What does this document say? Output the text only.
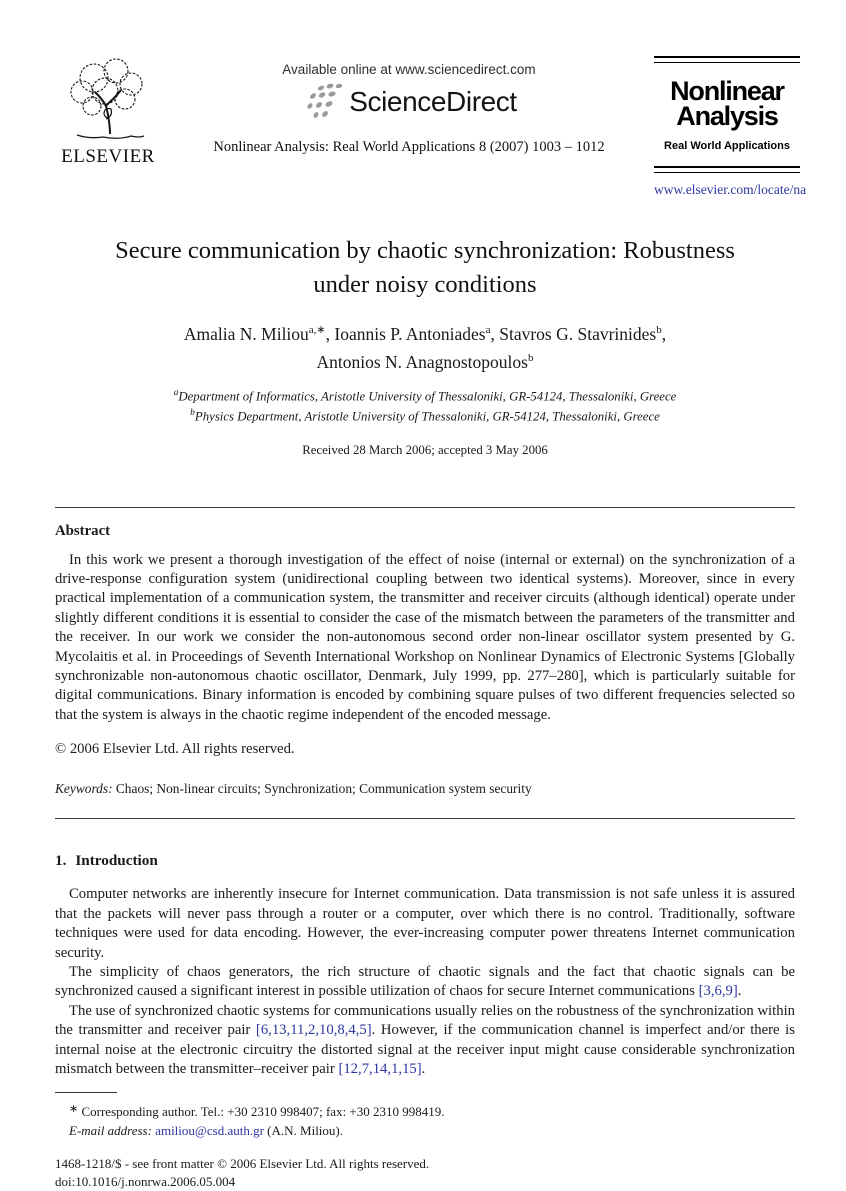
ELSEVIER
Available online at www.sciencedirect.com
ScienceDirect
Nonlinear Analysis: Real World Applications 8 (2007) 1003 – 1012
Nonlinear
Analysis
Real World Applications
www.elsevier.com/locate/na
Secure communication by chaotic synchronization: Robustness
under noisy conditions
Amalia N. Miliou$^{a,∗}$, Ioannis P. Antoniades$^a$, Stavros G. Stavrinides$^b$,
Antonios N. Anagnostopoulos$^b$
$^a$Department of Informatics, Aristotle University of Thessaloniki, GR-54124, Thessaloniki, Greece
$^b$Physics Department, Aristotle University of Thessaloniki, GR-54124, Thessaloniki, Greece
Received 28 March 2006; accepted 3 May 2006
Abstract

In this work we present a thorough investigation of the effect of noise (internal or external) on the synchronization of a drive-response configuration system (unidirectional coupling between two identical systems). Moreover, since in every practical implementation of a communication system, the transmitter and receiver circuits (although identical) operate under slightly different conditions it is essential to consider the case of the mismatch between the parameters of the transmitter and the receiver. In our work we consider the non-autonomous second order non-linear oscillator system presented by G. Mycolaitis et al. in Proceedings of Seventh International Workshop on Nonlinear Dynamics of Electronic Systems [Globally synchronizable non-autonomous chaotic oscillator, Denmark, July 1999, pp. 277–280], which is particularly suitable for digital communications. Binary information is encoded by combining square pulses of two different frequencies selected so that the system is always in the chaotic regime independent of the encoded message.

© 2006 Elsevier Ltd. All rights reserved.
Keywords: Chaos; Non-linear circuits; Synchronization; Communication system security
1. Introduction

Computer networks are inherently insecure for Internet communication. Data transmission is not safe unless it is assured that the packets will never pass through a router or a computer, over which there is no control. Traditionally, software techniques were used for data encoding. However, the ever-increasing computer power threatens Internet communication security.

The simplicity of chaos generators, the rich structure of chaotic signals and the fact that chaotic signals can be synchronized caused a significant interest in possible utilization of chaos for secure Internet communications [3,6,9].

The use of synchronized chaotic systems for communications usually relies on the robustness of the synchronization within the transmitter and receiver pair [6,13,11,2,10,8,4,5]. However, if the communication channel is imperfect and/or there is internal noise at the electronic circuitry the distorted signal at the receiver input might cause considerable synchronization mismatch between the transmitter–receiver pair [12,7,14,1,15].

∗ Corresponding author. Tel.: +30 2310 998407; fax: +30 2310 998419.
E-mail address: amiliou@csd.auth.gr (A.N. Miliou).
1468-1218/$ - see front matter © 2006 Elsevier Ltd. All rights reserved.
doi:10.1016/j.nonrwa.2006.05.004
